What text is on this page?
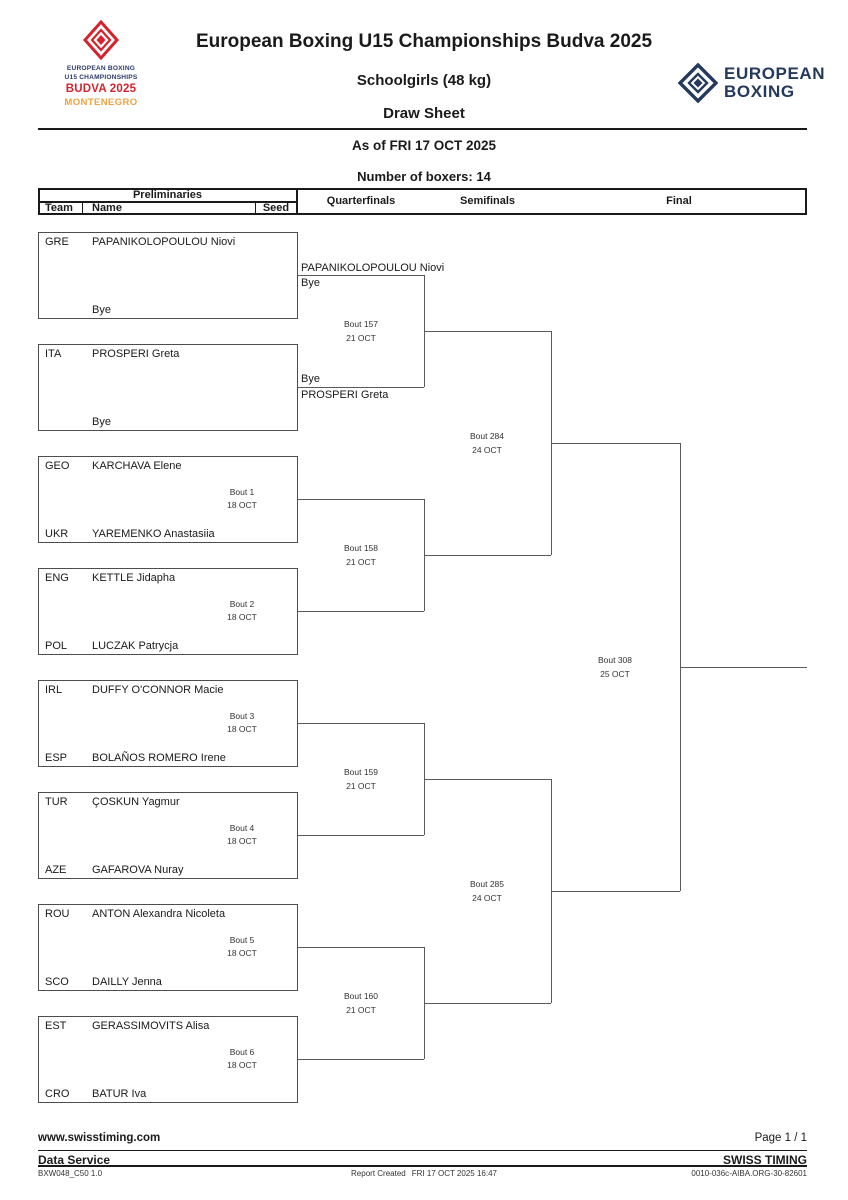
EUROPEAN BOXING
U15 CHAMPIONSHIPS
BUDVA 2025
MONTENEGRO
European Boxing U15 Championships Budva 2025
Schoolgirls (48 kg)	EUROPEAN
BOXING
Draw Sheet
As of FRI 17 OCT 2025
Number of boxers: 14
Preliminaries
Team Name	Seed
Quarterfinals	Semifinals	Final
GRE PAPANIKOLOPOULOU Niovi
Bye
ITA	PROSPERI Greta
Bye
GEO KARCHAVA Elene
UKR YAREMENKO Anastasiia
Bout 1
18 OCT
ENG KETTLE Jidapha
POL LUCZAK Patrycja
Bout 2
18 OCT
IRL	DUFFY O'CONNOR Macie
ESP BOLAÑOS ROMERO Irene
Bout 3
18 OCT
TUR ÇOSKUN Yagmur
AZE GAFAROVA Nuray
Bout 4
18 OCT
ROU ANTON Alexandra Nicoleta
SCO DAILLY Jenna
Bout 5
18 OCT
EST GERASSIMOVITS Alisa
CRO BATUR Iva
Bout 6
18 OCT
PAPANIKOLOPOULOU Niovi
Bye
Bye
PROSPERI Greta
Bout 157
21 OCT
Bout 158
21 OCT
Bout 159
21 OCT
Bout 160
21 OCT
Bout 284
24 OCT
Bout 285
24 OCT
Bout 308
25 OCT
www.swisstiming.com	Page 1 / 1
Data Service	SWISS TIMING
BXW048_C50 1.0	Report Created FRI 17 OCT 2025 16:47	0010-036c-AIBA.ORG-30-82601
